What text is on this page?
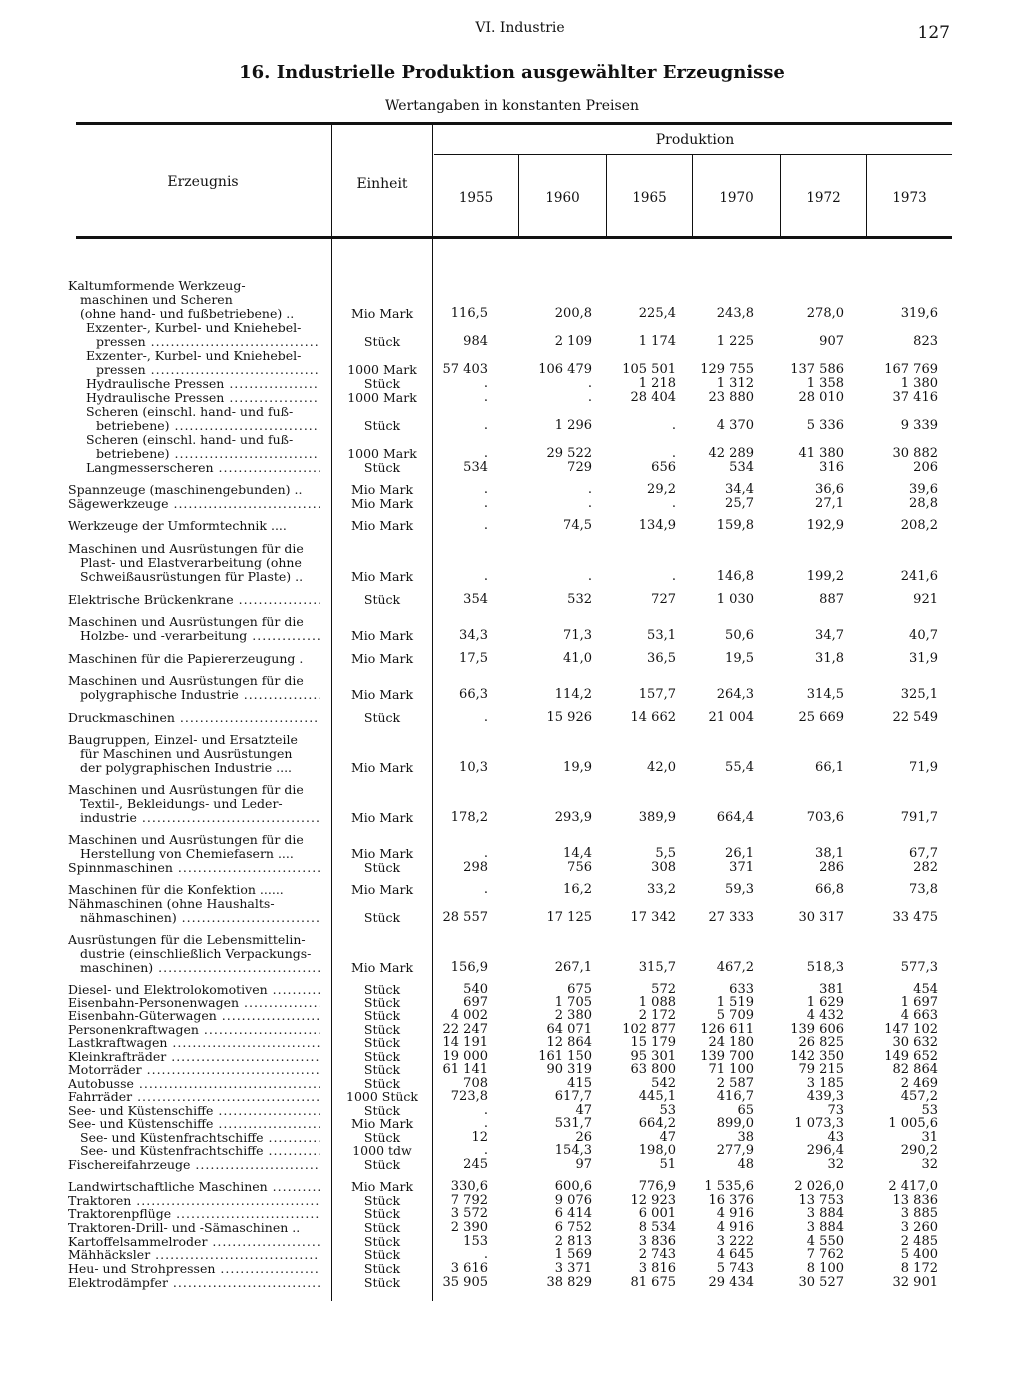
VI. Industrie	127
16. Industrielle Produktion ausgewählter Erzeugnisse
Wertangaben in konstanten Preisen
Erzeugnis	Einheit
Produktion
1955	1960	1965	1970	1972	1973
Kaltumformende Werkzeug-
maschinen und Scheren
(ohne hand- und fußbetriebene) ..	Mio Mark	116,5	200,8	225,4	243,8	278,0	319,6
Exzenter-, Kurbel- und Kniehebel-
pressen .....	Stück	984	2 109	1 174	1 225	907	823
Exzenter-, Kurbel- und Kniehebel-
pressen .....	1000 Mark	57 403	106 479	105 501	129 755	137 586	167 769
Hydraulische Pressen .....	Stück	.	.	1 218	1 312	1 358	1 380
Hydraulische Pressen .....	1000 Mark	.	.	28 404	23 880	28 010	37 416
Scheren (einschl. hand- und fuß-
betriebene) .....	Stück	.	1 296	.	4 370	5 336	9 339
Scheren (einschl. hand- und fuß-
betriebene) .....	1000 Mark	.	29 522	.	42 289	41 380	30 882
Langmesserscheren .....	Stück	534	729	656	534	316	206
Spannzeuge (maschinengebunden) ..	Mio Mark	.	.	29,2	34,4	36,6	39,6
Sägewerkzeuge .....	Mio Mark	.	.	.	25,7	27,1	28,8
Werkzeuge der Umformtechnik ....	Mio Mark	.	74,5	134,9	159,8	192,9	208,2
Maschinen und Ausrüstungen für die
Plast- und Elastverarbeitung (ohne
Schweißausrüstungen für Plaste) ..	Mio Mark	.	.	.	146,8	199,2	241,6
Elektrische Brückenkrane .....	Stück	354	532	727	1 030	887	921
Maschinen und Ausrüstungen für die
Holzbe- und -verarbeitung .....	Mio Mark	34,3	71,3	53,1	50,6	34,7	40,7
Maschinen für die Papiererzeugung .	Mio Mark	17,5	41,0	36,5	19,5	31,8	31,9
Maschinen und Ausrüstungen für die
polygraphische Industrie .....	Mio Mark	66,3	114,2	157,7	264,3	314,5	325,1
Druckmaschinen .....	Stück	.	15 926	14 662	21 004	25 669	22 549
Baugruppen, Einzel- und Ersatzteile
für Maschinen und Ausrüstungen
der polygraphischen Industrie ....	Mio Mark	10,3	19,9	42,0	55,4	66,1	71,9
Maschinen und Ausrüstungen für die
Textil-, Bekleidungs- und Leder-
industrie .....	Mio Mark	178,2	293,9	389,9	664,4	703,6	791,7
Maschinen und Ausrüstungen für die
Herstellung von Chemiefasern ....	Mio Mark	.	14,4	5,5	26,1	38,1	67,7
Spinnmaschinen .....	Stück	298	756	308	371	286	282
Maschinen für die Konfektion ......	Mio Mark	.	16,2	33,2	59,3	66,8	73,8
Nähmaschinen (ohne Haushalts-
nähmaschinen) .....	Stück	28 557	17 125	17 342	27 333	30 317	33 475
Ausrüstungen für die Lebensmittelin-
dustrie (einschließlich Verpackungs-
maschinen) .....	Mio Mark	156,9	267,1	315,7	467,2	518,3	577,3
Diesel- und Elektrolokomotiven .....	Stück	540	675	572	633	381	454
Eisenbahn-Personenwagen .....	Stück	697	1 705	1 088	1 519	1 629	1 697
Eisenbahn-Güterwagen .....	Stück	4 002	2 380	2 172	5 709	4 432	4 663
Personenkraftwagen .....	Stück	22 247	64 071	102 877	126 611	139 606	147 102
Lastkraftwagen .....	Stück	14 191	12 864	15 179	24 180	26 825	30 632
Kleinkrafträder .....	Stück	19 000	161 150	95 301	139 700	142 350	149 652
Motorräder .....	Stück	61 141	90 319	63 800	71 100	79 215	82 864
Autobusse .....	Stück	708	415	542	2 587	3 185	2 469
Fahrräder .....	1000 Stück	723,8	617,7	445,1	416,7	439,3	457,2
See- und Küstenschiffe .....	Stück	.	47	53	65	73	53
See- und Küstenschiffe .....	Mio Mark	.	531,7	664,2	899,0	1 073,3	1 005,6
See- und Küstenfrachtschiffe .....	Stück	12	26	47	38	43	31
See- und Küstenfrachtschiffe .....	1000 tdw	.	154,3	198,0	277,9	296,4	290,2
Fischereifahrzeuge .....	Stück	245	97	51	48	32	32
Landwirtschaftliche Maschinen .....	Mio Mark	330,6	600,6	776,9	1 535,6	2 026,0	2 417,0
Traktoren .....	Stück	7 792	9 076	12 923	16 376	13 753	13 836
Traktorenpflüge .....	Stück	3 572	6 414	6 001	4 916	3 884	3 885
Traktoren-Drill- und -Sämaschinen ..	Stück	2 390	6 752	8 534	4 916	3 884	3 260
Kartoffelsammelroder .....	Stück	153	2 813	3 836	3 222	4 550	2 485
Mähhäcksler .....	Stück	.	1 569	2 743	4 645	7 762	5 400
Heu- und Strohpressen .....	Stück	3 616	3 371	3 816	5 743	8 100	8 172
Elektrodämpfer .....	Stück	35 905	38 829	81 675	29 434	30 527	32 901
